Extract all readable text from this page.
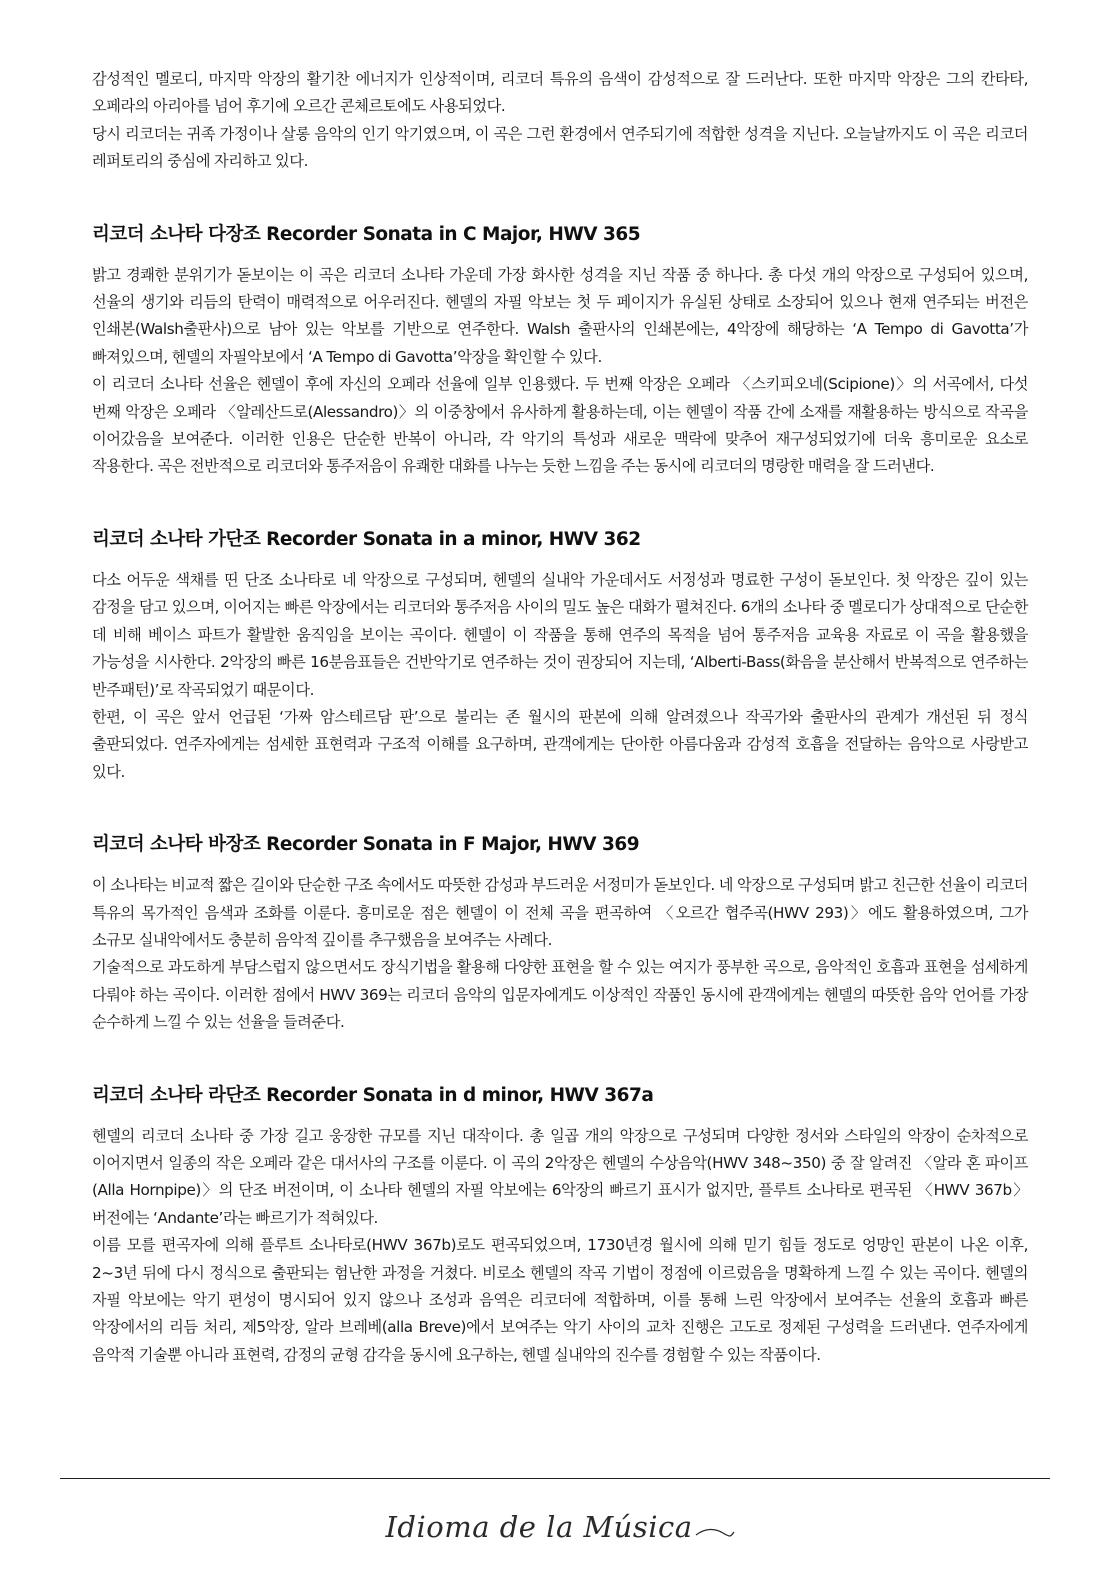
감성적인 멜로디, 마지막 악장의 활기찬 에너지가 인상적이며, 리코더 특유의 음색이 감성적으로 잘 드러난다. 또한 마지막 악장은 그의 칸타타, 오페라의 아리아를 넘어 후기에 오르간 콘체르토에도 사용되었다.

당시 리코더는 귀족 가정이나 살롱 음악의 인기 악기였으며, 이 곡은 그런 환경에서 연주되기에 적합한 성격을 지닌다. 오늘날까지도 이 곡은 리코더 레퍼토리의 중심에 자리하고 있다.

리코더 소나타 다장조 Recorder Sonata in C Major, HWV 365

밝고 경쾌한 분위기가 돋보이는 이 곡은 리코더 소나타 가운데 가장 화사한 성격을 지닌 작품 중 하나다. 총 다섯 개의 악장으로 구성되어 있으며, 선율의 생기와 리듬의 탄력이 매력적으로 어우러진다. 헨델의 자필 악보는 첫 두 페이지가 유실된 상태로 소장되어 있으나 현재 연주되는 버전은 인쇄본(Walsh출판사)으로 남아 있는 악보를 기반으로 연주한다. Walsh 출판사의 인쇄본에는, 4악장에 해당하는 ‘A Tempo di Gavotta’가 빠져있으며, 헨델의 자필악보에서 ‘A Tempo di Gavotta’악장을 확인할 수 있다.

이 리코더 소나타 선율은 헨델이 후에 자신의 오페라 선율에 일부 인용했다. 두 번째 악장은 오페라 〈스키피오네(Scipione)〉의 서곡에서, 다섯 번째 악장은 오페라 〈알레산드로(Alessandro)〉의 이중창에서 유사하게 활용하는데, 이는 헨델이 작품 간에 소재를 재활용하는 방식으로 작곡을 이어갔음을 보여준다. 이러한 인용은 단순한 반복이 아니라, 각 악기의 특성과 새로운 맥락에 맞추어 재구성되었기에 더욱 흥미로운 요소로 작용한다. 곡은 전반적으로 리코더와 통주저음이 유쾌한 대화를 나누는 듯한 느낌을 주는 동시에 리코더의 명랑한 매력을 잘 드러낸다.

리코더 소나타 가단조 Recorder Sonata in a minor, HWV 362

다소 어두운 색채를 띤 단조 소나타로 네 악장으로 구성되며, 헨델의 실내악 가운데서도 서정성과 명료한 구성이 돋보인다. 첫 악장은 깊이 있는 감정을 담고 있으며, 이어지는 빠른 악장에서는 리코더와 통주저음 사이의 밀도 높은 대화가 펼쳐진다. 6개의 소나타 중 멜로디가 상대적으로 단순한 데 비해 베이스 파트가 활발한 움직임을 보이는 곡이다. 헨델이 이 작품을 통해 연주의 목적을 넘어 통주저음 교육용 자료로 이 곡을 활용했을 가능성을 시사한다. 2악장의 빠른 16분음표들은 건반악기로 연주하는 것이 권장되어 지는데, ‘Alberti-Bass(화음을 분산해서 반복적으로 연주하는 반주패턴)’로 작곡되었기 때문이다.

한편, 이 곡은 앞서 언급된 ‘가짜 암스테르담 판’으로 불리는 존 월시의 판본에 의해 알려졌으나 작곡가와 출판사의 관계가 개선된 뒤 정식 출판되었다. 연주자에게는 섬세한 표현력과 구조적 이해를 요구하며, 관객에게는 단아한 아름다움과 감성적 호흡을 전달하는 음악으로 사랑받고 있다.

리코더 소나타 바장조 Recorder Sonata in F Major, HWV 369

이 소나타는 비교적 짧은 길이와 단순한 구조 속에서도 따뜻한 감성과 부드러운 서정미가 돋보인다. 네 악장으로 구성되며 밝고 친근한 선율이 리코더 특유의 목가적인 음색과 조화를 이룬다. 흥미로운 점은 헨델이 이 전체 곡을 편곡하여 〈오르간 협주곡(HWV 293)〉에도 활용하였으며, 그가 소규모 실내악에서도 충분히 음악적 깊이를 추구했음을 보여주는 사례다.

기술적으로 과도하게 부담스럽지 않으면서도 장식기법을 활용해 다양한 표현을 할 수 있는 여지가 풍부한 곡으로, 음악적인 호흡과 표현을 섬세하게 다뤄야 하는 곡이다. 이러한 점에서 HWV 369는 리코더 음악의 입문자에게도 이상적인 작품인 동시에 관객에게는 헨델의 따뜻한 음악 언어를 가장 순수하게 느낄 수 있는 선율을 들려준다.

리코더 소나타 라단조 Recorder Sonata in d minor, HWV 367a

헨델의 리코더 소나타 중 가장 길고 웅장한 규모를 지닌 대작이다. 총 일곱 개의 악장으로 구성되며 다양한 정서와 스타일의 악장이 순차적으로 이어지면서 일종의 작은 오페라 같은 대서사의 구조를 이룬다. 이 곡의 2악장은 헨델의 수상음악(HWV 348~350) 중 잘 알려진 〈알라 혼 파이프(Alla Hornpipe)〉의 단조 버전이며, 이 소나타 헨델의 자필 악보에는 6악장의 빠르기 표시가 없지만, 플루트 소나타로 편곡된 〈HWV 367b〉 버전에는 ‘Andante’라는 빠르기가 적혀있다.

이름 모를 편곡자에 의해 플루트 소나타로(HWV 367b)로도 편곡되었으며, 1730년경 월시에 의해 믿기 힘들 정도로 엉망인 판본이 나온 이후, 2~3년 뒤에 다시 정식으로 출판되는 험난한 과정을 거쳤다. 비로소 헨델의 작곡 기법이 정점에 이르렀음을 명확하게 느낄 수 있는 곡이다. 헨델의 자필 악보에는 악기 편성이 명시되어 있지 않으나 조성과 음역은 리코더에 적합하며, 이를 통해 느린 악장에서 보여주는 선율의 호흡과 빠른 악장에서의 리듬 처리, 제5악장, 알라 브레베(alla Breve)에서 보여주는 악기 사이의 교차 진행은 고도로 정제된 구성력을 드러낸다. 연주자에게 음악적 기술뿐 아니라 표현력, 감정의 균형 감각을 동시에 요구하는, 헨델 실내악의 진수를 경험할 수 있는 작품이다.

Idioma de la Música
